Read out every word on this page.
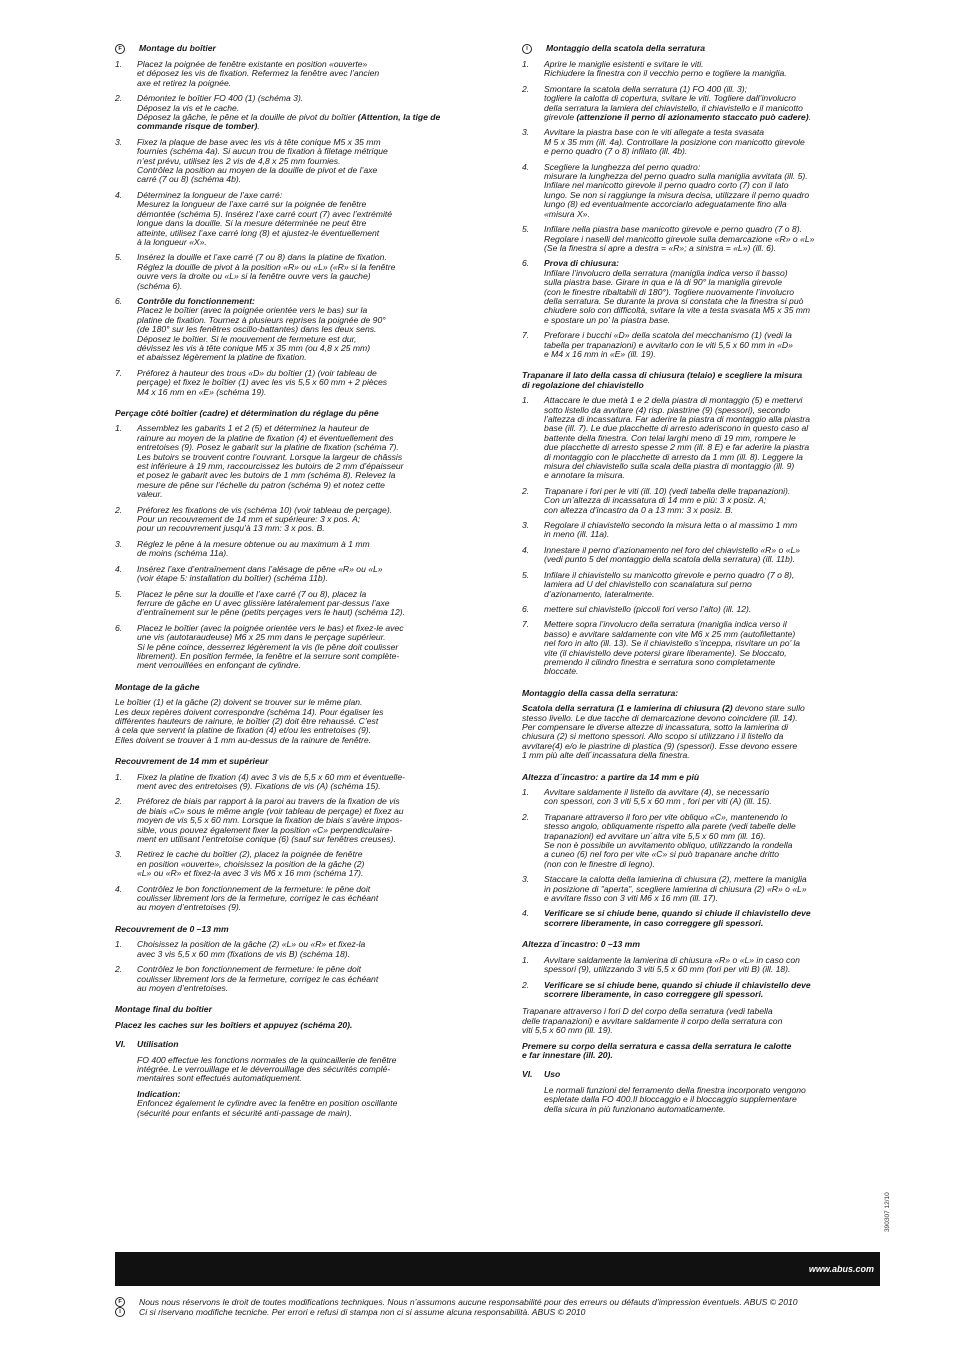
F	Montage du boîtier
1.	Placez la poignée de fenêtre existante en position «ouverte»
et déposez les vis de fixation. Refermez la fenêtre avec l’ancien
axe et retirez la poignée.
2.	Démontez le boîtier FO 400 (1) (schéma 3).
Déposez la vis et le cache.
Déposez la gâche, le pêne et la douille de pivot du boîtier (Attention, la tige de commande risque de tomber).
3.	Fixez la plaque de base avec les vis à tête conique M5 x 35 mm
fournies (schéma 4a). Si aucun trou de fixation à filetage métrique
n’est prévu, utilisez les 2 vis de 4,8 x 25 mm fournies.
Contrôlez la position au moyen de la douille de pivot et de l’axe
carré (7 ou 8) (schéma 4b).
4.	Déterminez la longueur de l’axe carré:
Mesurez la longueur de l’axe carré sur la poignée de fenêtre
démontée (schéma 5). Insérez l’axe carré court (7) avec l’extrémité
longue dans la douille. Si la mesure déterminée ne peut être
atteinte, utilisez l’axe carré long (8) et ajustez-le éventuellement
à la longueur «X».
5.	Insérez la douille et l’axe carré (7 ou 8) dans la platine de fixation.
Réglez la douille de pivot à la position «R» ou «L» («R» si la fenêtre
ouvre vers la droite ou «L» si la fenêtre ouvre vers la gauche)
(schéma 6).
6.	Contrôle du fonctionnement:
Placez le boîtier (avec la poignée orientée vers le bas) sur la
platine de fixation. Tournez à plusieurs reprises la poignée de 90°
(de 180° sur les fenêtres oscillo-battantes) dans les deux sens.
Déposez le boîtier. Si le mouvement de fermeture est dur,
dévissez les vis à tête conique M5 x 35 mm (ou 4,8 x 25 mm)
et abaissez légèrement la platine de fixation.
7.	Préforez à hauteur des trous «D» du boîtier (1) (voir tableau de
perçage) et fixez le boîtier (1) avec les vis 5,5 x 60 mm + 2 pièces
M4 x 16 mm en «E» (schéma 19).
Perçage côté boîtier (cadre) et détermination du réglage du pêne
1.	Assemblez les gabarits 1 et 2 (5) et déterminez la hauteur de
rainure au moyen de la platine de fixation (4) et éventuellement des
entretoises (9). Posez le gabarit sur la platine de fixation (schéma 7).
Les butoirs se trouvent contre l’ouvrant. Lorsque la largeur de châssis
est inférieure à 19 mm, raccourcissez les butoirs de 2 mm d’épaisseur
et posez le gabarit avec les butoirs de 1 mm (schéma 8). Relevez la
mesure de pêne sur l’échelle du patron (schéma 9) et notez cette
valeur.
2.	Préforez les fixations de vis (schéma 10) (voir tableau de perçage).
Pour un recouvrement de 14 mm et supérieure: 3 x pos. A;
pour un recouvrement jusqu’à 13 mm: 3 x pos. B.
3.	Réglez le pêne à la mesure obtenue ou au maximum à 1 mm
de moins (schéma 11a).
4.	Insérez l’axe d’entraînement dans l’alésage de pêne «R» ou «L»
(voir étape 5: installation du boîtier) (schéma 11b).
5.	Placez le pêne sur la douille et l’axe carré (7 ou 8), placez la
ferrure de gâche en U avec glissière latéralement par-dessus l’axe
d’entraînement sur le pêne (petits perçages vers le haut) (schéma 12).
6.	Placez le boîtier (avec la poignée orientée vers le bas) et fixez-le avec
une vis (autotaraudeuse) M6 x 25 mm dans le perçage supérieur.
Si le pêne coince, desserrez légèrement la vis (le pêne doit coulisser
librement). En position fermée, la fenêtre et la serrure sont complète-
ment verrouillées en enfonçant de cylindre.
Montage de la gâche
Le boîtier (1) et la gâche (2) doivent se trouver sur le même plan.
Les deux repères doivent correspondre (schéma 14). Pour égaliser les
différentes hauteurs de rainure, le boîtier (2) doit être rehaussé. C’est
à cela que servent la platine de fixation (4) et/ou les entretoises (9).
Elles doivent se trouver à 1 mm au-dessus de la rainure de fenêtre.
Recouvrement de 14 mm et supérieur
1.	Fixez la platine de fixation (4) avec 3 vis de 5,5 x 60 mm et éventuelle-
ment avec des entretoises (9). Fixations de vis (A) (schéma 15).
2.	Préforez de biais par rapport à la paroi au travers de la fixation de vis
de biais «C» sous le même angle (voir tableau de perçage) et fixez au
moyen de vis 5,5 x 60 mm. Lorsque la fixation de biais s’avère impos-
sible, vous pouvez également fixer la position «C» perpendiculaire-
ment en utilisant l’entretoise conique (6) (sauf sur fenêtres creuses).
3.	Retirez le cache du boîtier (2), placez la poignée de fenêtre
en position «ouverte», choisissez la position de la gâche (2)
«L» ou «R» et fixez-la avec 3 vis M6 x 16 mm (schéma 17).
4.	Contrôlez le bon fonctionnement de la fermeture: le pêne doit
coulisser librement lors de la fermeture, corrigez le cas échéant
au moyen d’entretoises (9).
Recouvrement de 0 –13 mm
1.	Choisissez la position de la gâche (2) «L» ou «R» et fixez-la
avec 3 vis 5,5 x 60 mm (fixations de vis B) (schéma 18).
2.	Contrôlez le bon fonctionnement de fermeture: le pêne doit
coulisser librement lors de la fermeture, corrigez le cas échéant
au moyen d’entretoises.
Montage final du boîtier
Placez les caches sur les boîtiers et appuyez (schéma 20).
VI.	Utilisation
FO 400 effectue les fonctions normales de la quincaillerie de fenêtre
intégrée. Le verrouillage et le déverrouillage des sécurités complé-
mentaires sont effectués automatiquement.
Indication:
Enfoncez également le cylindre avec la fenêtre en position oscillante
(sécurité pour enfants et sécurité anti-passage de main).
I	Montaggio della scatola della serratura
1.	Aprire le maniglie esistenti e svitare le viti.
Richiudere la finestra con il vecchio perno e togliere la maniglia.
2.	Smontare la scatola della serratura (1) FO 400 (ill. 3);
togliere la calotta di copertura, svitare le viti. Togliere dall’involucro
della serratura la lamiera del chiavistello, il chiavistello e il manicotto
girevole (attenzione il perno di azionamento staccato può cadere).
3.	Avvitare la piastra base con le viti allegate a testa svasata
M 5 x 35 mm (ill. 4a). Controllare la posizione con manicotto girevole
e perno quadro (7 o 8) infilato (ill. 4b).
4.	Scegliere la lunghezza del perno quadro:
misurare la lunghezza del perno quadro sulla maniglia avvitata (ill. 5).
Infilare nel manicotto girevole il perno quadro corto (7) con il lato
lungo. Se non si raggiunge la misura decisa, utilizzare il perno quadro
lungo (8) ed eventualmente accorciarlo adeguatamente fino alla
«misura X».
5.	Infilare nella piastra base manicotto girevole e perno quadro (7 o 8).
Regolare i naselli del manicotto girevole sulla demarcazione «R» o «L»
(Se la finestra si apre a destra = «R»; a sinistra = «L») (ill. 6).
6.	Prova di chiusura:
Infilare l’involucro della serratura (maniglia indica verso il basso)
sulla piastra base. Girare in qua e là di 90° la maniglia girevole
(con le finestre ribaltabili di 180°). Togliere nuovamente l’involucro
della serratura. Se durante la prova si constata che la finestra si può
chiudere solo con difficoltà, svitare la vite a testa svasata M5 x 35 mm
e spostare un po’ la piastra base.
7.	Preforare i bucchi «D» della scatola del mecchanismo (1) (vedi la
tabella per trapanazioni) e avvitarlo con le viti 5,5 x 60 mm in «D»
e M4 x 16 mm in «E» (ill. 19).
Trapanare il lato della cassa di chiusura (telaio) e scegliere la misura
di regolazione del chiavistello
1.	Attaccare le due metà 1 e 2 della piastra di montaggio (5) e mettervi
sotto listello da avvitare (4) risp. piastrine (9) (spessori), secondo
l’altezza di incassatura. Far aderire la piastra di montaggio alla piastra
base (ill. 7). Le due placchette di arresto aderiscono in questo caso al
battente della finestra. Con telai larghi meno di 19 mm, rompere le
due placchette di arresto spesse 2 mm (ill. 8 E) e far aderire la piastra
di montaggio con le placchette di arresto da 1 mm (ill. 8). Leggere la
misura del chiavistello sulla scala della piastra di montaggio (ill. 9)
e annotare la misura.
2.	Trapanare i fori per le viti (ill. 10) (vedi tabella delle trapanazioni).
Con un’altezza di incassatura di 14 mm e più: 3 x posiz. A;
con altezza d’incastro da 0 a 13 mm: 3 x posiz. B.
3.	Regolare il chiavistello secondo la misura letta o al massimo 1 mm
in meno (ill. 11a).
4.	Innestare il perno d’azionamento nel foro del chiavistello «R» o «L»
(vedi punto 5 del montaggio della scatola della serratura) (ill. 11b).
5.	Infilare il chiavistello su manicotto girevole e perno quadro (7 o 8),
lamiera ad U del chiavistello con scanalatura sul perno
d’azionamento, lateralmente.
6.	mettere sul chiavistello (piccoli fori verso l’alto) (ill. 12).
7.	Mettere sopra l’involucro della serratura (maniglia indica verso il
basso) e avvitare saldamente con vite M6 x 25 mm (autofilettante)
nel foro in alto (ill. 13). Se il chiavistello s’inceppa, risvitare un po’ la
vite (il chiavistello deve potersi girare liberamente). Se bloccato,
premendo il cilindro finestra e serratura sono completamente
bloccate.
Montaggio della cassa della serratura:
Scatola della serratura (1 e lamierina di chiusura (2) devono stare sullo
stesso livello. Le due tacche di demarcazione devono coincidere (ill. 14).
Per compensare le diverse altezze di incassatura, sotto la lamierina di
chiusura (2) si mettono spessori. Allo scopo si utilizzano i il listello da
avvitare(4) e/o le piastrine di plastica (9) (spessori). Esse devono essere
1 mm più alte dell´incassatura della finestra.
Altezza d´incastro: a partire da 14 mm e più
1.	Avvitare saldamente il listello da avvitare (4), se necessario
con spessori, con 3 viti 5,5 x 60 mm , fori per viti (A) (ill. 15).
2.	Trapanare attraverso il foro per vite obliquo «C», mantenendo lo
stesso angolo, obliquamente rispetto alla parete (vedi tabelle delle
trapanazioni) ed avvitare un´altra vite 5,5 x 60 mm (ill. 16).
Se non è possibile un avvitamento obliquo, utilizzando la rondella
a cuneo (6) nel foro per vite «C» si può trapanare anche dritto
(non con le finestre di legno).
3.	Staccare la calotta della lamierina di chiusura (2), mettere la maniglia
in posizione di "aperta", scegliere lamierina di chiusura (2) «R» o «L»
e avvitare fisso con 3 viti M6 x 16 mm (ill. 17).
4.	Verificare se si chiude bene, quando si chiude il chiavistello deve
scorrere liberamente, in caso correggere gli spessori.
Altezza d´incastro: 0 –13 mm
1.	Avvitare saldamente la lamierina di chiusura «R» o «L» in caso con
spessori (9), utilizzando 3 viti 5,5 x 60 mm (fori per viti B) (ill. 18).
2.	Verificare se si chiude bene, quando si chiude il chiavistello deve
scorrere liberamente, in caso correggere gli spessori.
Trapanare attraverso i fori D del corpo della serratura (vedi tabella
delle trapanazioni) e avvitare saldamente il corpo della serratura con
viti 5,5 x 60 mm (ill. 19).
Premere su corpo della serratura e cassa della serratura le calotte
e far innestare (ill. 20).
VI.	Uso
Le normali funzioni del ferramento della finestra incorporato vengono
espletate dalla FO 400.Il bloccaggio e il bloccaggio supplementare
della sicura in più funzionano automaticamente.
390307 12/10
www.abus.com
F	Nous nous réservons le droit de toutes modifications techniques. Nous n’assumons aucune responsabilité pour des erreurs ou défauts d’impression éventuels. ABUS © 2010
I	Ci si riservano modifiche tecniche. Per errori e refusi di stampa non ci si assume alcuna responsabilità. ABUS © 2010
